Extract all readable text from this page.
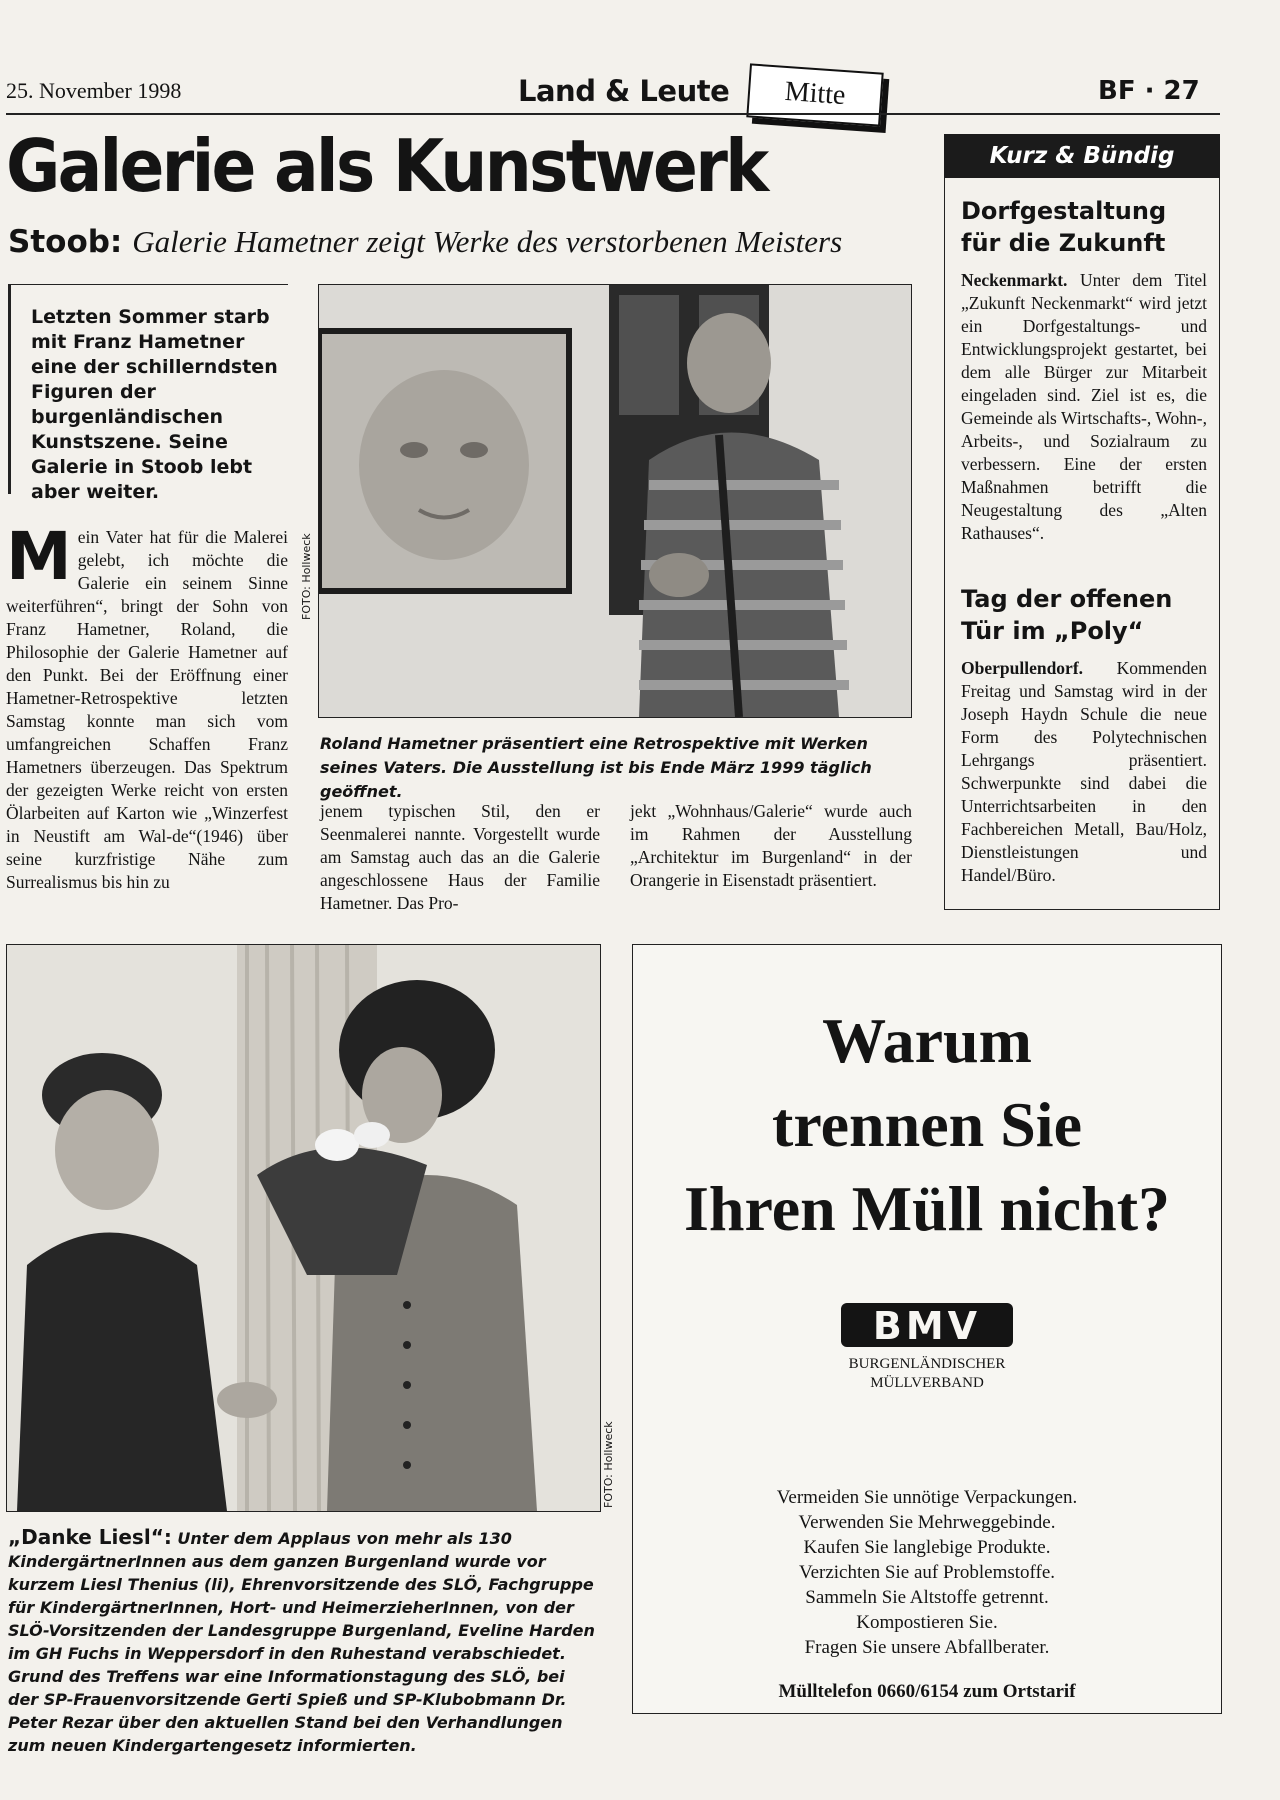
25. November 1998	Land & Leute	Mitte	BF · 27
Galerie als Kunstwerk
Stoob: Galerie Hametner zeigt Werke des verstorbenen Meisters
Letzten Sommer starb mit Franz Hametner eine der schillerndsten Figuren der burgenländischen Kunstszene. Seine Galerie in Stoob lebt aber weiter.
Mein Vater hat für die Malerei gelebt, ich möchte die Galerie ein seinem Sinne weiterführen“, bringt der Sohn von Franz Hametner, Roland, die Philosophie der Galerie Hametner auf den Punkt. Bei der Eröffnung einer Hametner-Retrospektive letzten Samstag konnte man sich vom umfangreichen Schaffen Franz Hametners überzeugen. Das Spektrum der gezeigten Werke reicht von ersten Ölarbeiten auf Karton wie „Winzerfest in Neustift am Wal-de“(1946) über seine kurzfristige Nähe zum Surrealismus bis hin zu
FOTO: Hollweck
Roland Hametner präsentiert eine Retrospektive mit Werken seines Vaters. Die Ausstellung ist bis Ende März 1999 täglich geöffnet.
jenem typischen Stil, den er Seenmalerei nannte. Vorgestellt wurde am Samstag auch das an die Galerie angeschlossene Haus der Familie Hametner. Das Pro-
jekt „Wohnhaus/Galerie“ wurde auch im Rahmen der Ausstellung „Architektur im Burgenland“ in der Orangerie in Eisenstadt präsentiert.
Kurz & Bündig
Dorfgestaltung für die Zukunft
Neckenmarkt. Unter dem Titel „Zukunft Neckenmarkt“ wird jetzt ein Dorfgestaltungs- und Entwicklungsprojekt gestartet, bei dem alle Bürger zur Mitarbeit eingeladen sind. Ziel ist es, die Gemeinde als Wirtschafts-, Wohn-, Arbeits-, und Sozialraum zu verbessern. Eine der ersten Maßnahmen betrifft die Neugestaltung des „Alten Rathauses“.
Tag der offenen Tür im „Poly“
Oberpullendorf. Kommenden Freitag und Samstag wird in der Joseph Haydn Schule die neue Form des Polytechnischen Lehrgangs präsentiert. Schwerpunkte sind dabei die Unterrichtsarbeiten in den Fachbereichen Metall, Bau/Holz, Dienstleistungen und Handel/Büro.
FOTO: Hollweck
„Danke Liesl“: Unter dem Applaus von mehr als 130 KindergärtnerInnen aus dem ganzen Burgenland wurde vor kurzem Liesl Thenius (li), Ehrenvorsitzende des SLÖ, Fachgruppe für KindergärtnerInnen, Hort- und HeimerzieherInnen, von der SLÖ-Vorsitzenden der Landesgruppe Burgenland, Eveline Harden im GH Fuchs in Weppersdorf in den Ruhestand verabschiedet. Grund des Treffens war eine Informationstagung des SLÖ, bei der SP-Frauenvorsitzende Gerti Spieß und SP-Klubobmann Dr. Peter Rezar über den aktuellen Stand bei den Verhandlungen zum neuen Kindergartengesetz informierten.
Warum
trennen Sie
Ihren Müll nicht?
BMV
BURGENLÄNDISCHER
MÜLLVERBAND
Vermeiden Sie unnötige Verpackungen.
Verwenden Sie Mehrweggebinde.
Kaufen Sie langlebige Produkte.
Verzichten Sie auf Problemstoffe.
Sammeln Sie Altstoffe getrennt.
Kompostieren Sie.
Fragen Sie unsere Abfallberater.
Mülltelefon 0660/6154 zum Ortstarif
